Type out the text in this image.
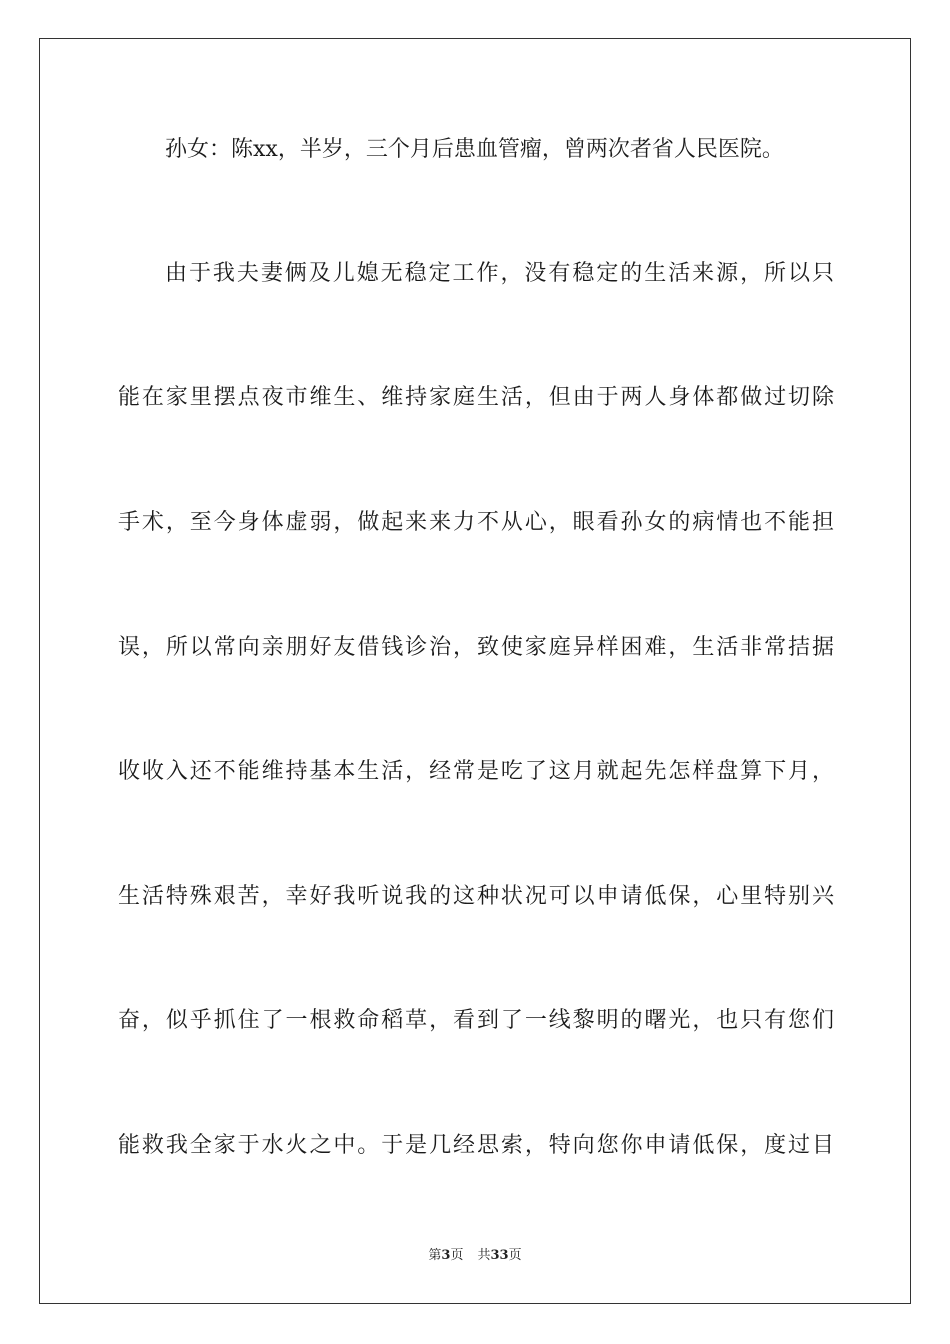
孙女：陈xx，半岁，三个月后患血管瘤，曾两次者省人民医院。
由于我夫妻俩及儿媳无稳定工作，没有稳定的生活来源，所以只
能在家里摆点夜市维生、维持家庭生活，但由于两人身体都做过切除
手术，至今身体虚弱，做起来来力不从心，眼看孙女的病情也不能担
误，所以常向亲朋好友借钱诊治，致使家庭异样困难，生活非常拮据
收收入还不能维持基本生活，经常是吃了这月就起先怎样盘算下月，
生活特殊艰苦，幸好我听说我的这种状况可以申请低保，心里特别兴
奋，似乎抓住了一根救命稻草，看到了一线黎明的曙光，也只有您们
能救我全家于水火之中。于是几经思索，特向您你申请低保，度过目
第3页 共33页
